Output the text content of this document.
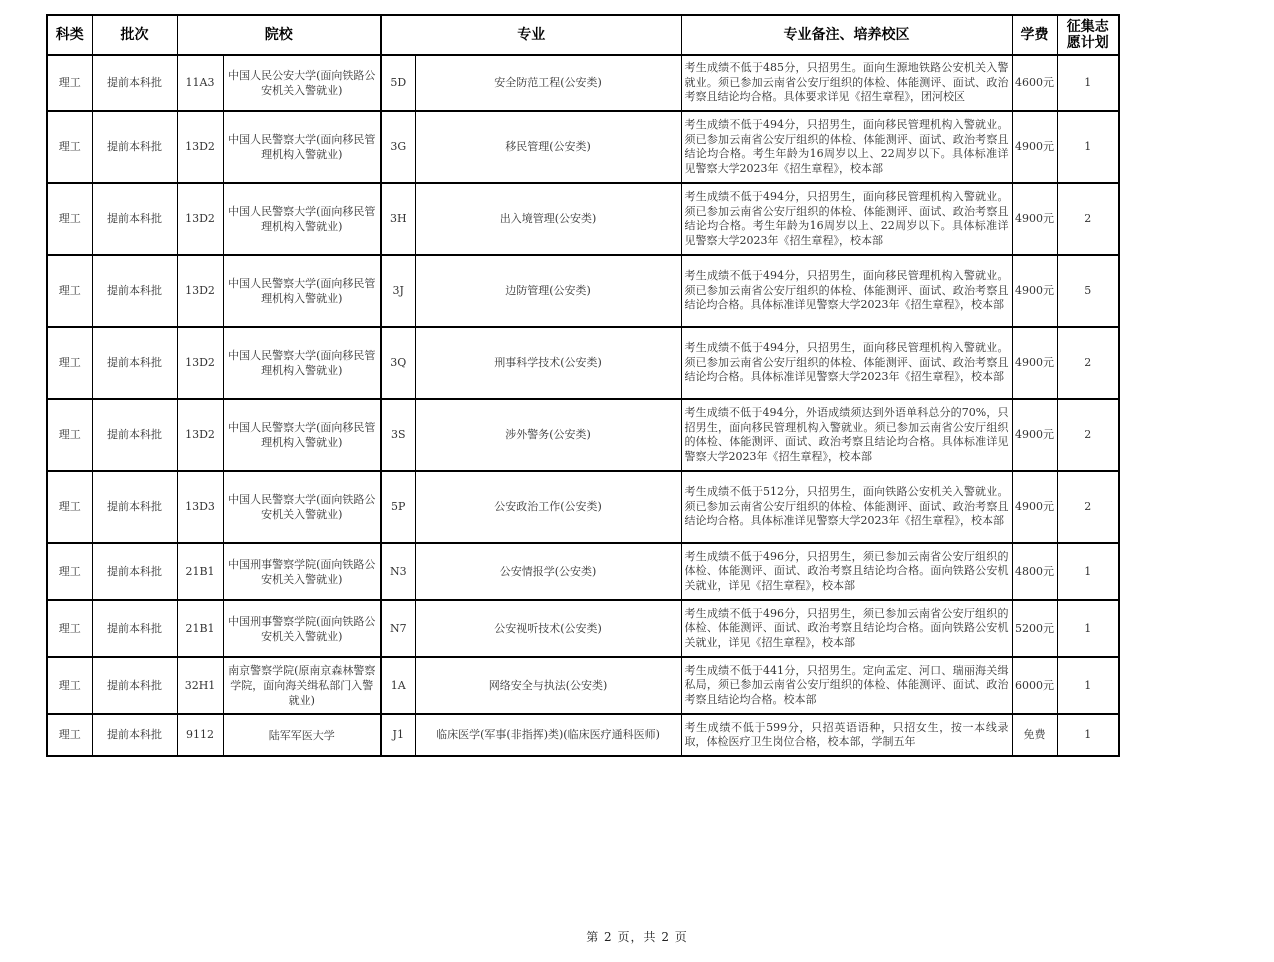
科类	批次	院校		专业		专业备注、培养校区	学费	征集志愿计划
理工	提前本科批	11A3	中国人民公安大学(面向铁路公安机关入警就业)	5D	安全防范工程(公安类)	考生成绩不低于485分，只招男生。面向生源地铁路公安机关入警就业。须已参加云南省公安厅组织的体检、体能测评、面试、政治考察且结论均合格。具体要求详见《招生章程》，团河校区	4600元	1
理工	提前本科批	13D2	中国人民警察大学(面向移民管理机构入警就业)	3G	移民管理(公安类)	考生成绩不低于494分，只招男生，面向移民管理机构入警就业。须已参加云南省公安厅组织的体检、体能测评、面试、政治考察且结论均合格。考生年龄为16周岁以上、22周岁以下。具体标准详见警察大学2023年《招生章程》，校本部	4900元	1
理工	提前本科批	13D2	中国人民警察大学(面向移民管理机构入警就业)	3H	出入境管理(公安类)	考生成绩不低于494分，只招男生，面向移民管理机构入警就业。须已参加云南省公安厅组织的体检、体能测评、面试、政治考察且结论均合格。考生年龄为16周岁以上、22周岁以下。具体标准详见警察大学2023年《招生章程》，校本部	4900元	2
理工	提前本科批	13D2	中国人民警察大学(面向移民管理机构入警就业)	3J	边防管理(公安类)	考生成绩不低于494分，只招男生，面向移民管理机构入警就业。须已参加云南省公安厅组织的体检、体能测评、面试、政治考察且结论均合格。具体标准详见警察大学2023年《招生章程》，校本部	4900元	5
理工	提前本科批	13D2	中国人民警察大学(面向移民管理机构入警就业)	3Q	刑事科学技术(公安类)	考生成绩不低于494分，只招男生，面向移民管理机构入警就业。须已参加云南省公安厅组织的体检、体能测评、面试、政治考察且结论均合格。具体标准详见警察大学2023年《招生章程》，校本部	4900元	2
理工	提前本科批	13D2	中国人民警察大学(面向移民管理机构入警就业)	3S	涉外警务(公安类)	考生成绩不低于494分，外语成绩须达到外语单科总分的70%，只招男生，面向移民管理机构入警就业。须已参加云南省公安厅组织的体检、体能测评、面试、政治考察且结论均合格。具体标准详见警察大学2023年《招生章程》，校本部	4900元	2
理工	提前本科批	13D3	中国人民警察大学(面向铁路公安机关入警就业)	5P	公安政治工作(公安类)	考生成绩不低于512分，只招男生，面向铁路公安机关入警就业。须已参加云南省公安厅组织的体检、体能测评、面试、政治考察且结论均合格。具体标准详见警察大学2023年《招生章程》，校本部	4900元	2
理工	提前本科批	21B1	中国刑事警察学院(面向铁路公安机关入警就业)	N3	公安情报学(公安类)	考生成绩不低于496分，只招男生，须已参加云南省公安厅组织的体检、体能测评、面试、政治考察且结论均合格。面向铁路公安机关就业，详见《招生章程》，校本部	4800元	1
理工	提前本科批	21B1	中国刑事警察学院(面向铁路公安机关入警就业)	N7	公安视听技术(公安类)	考生成绩不低于496分，只招男生，须已参加云南省公安厅组织的体检、体能测评、面试、政治考察且结论均合格。面向铁路公安机关就业，详见《招生章程》，校本部	5200元	1
理工	提前本科批	32H1	南京警察学院(原南京森林警察学院，面向海关缉私部门入警就业)	1A	网络安全与执法(公安类)	考生成绩不低于441分，只招男生。定向孟定、河口、瑞丽海关缉私局，须已参加云南省公安厅组织的体检、体能测评、面试、政治考察且结论均合格。校本部	6000元	1
理工	提前本科批	9112	陆军军医大学	J1	临床医学(军事(非指挥)类)(临床医疗通科医师)	考生成绩不低于599分，只招英语语种，只招女生，按一本线录取，体检医疗卫生岗位合格，校本部，学制五年	免费	1
第 2 页，共 2 页
